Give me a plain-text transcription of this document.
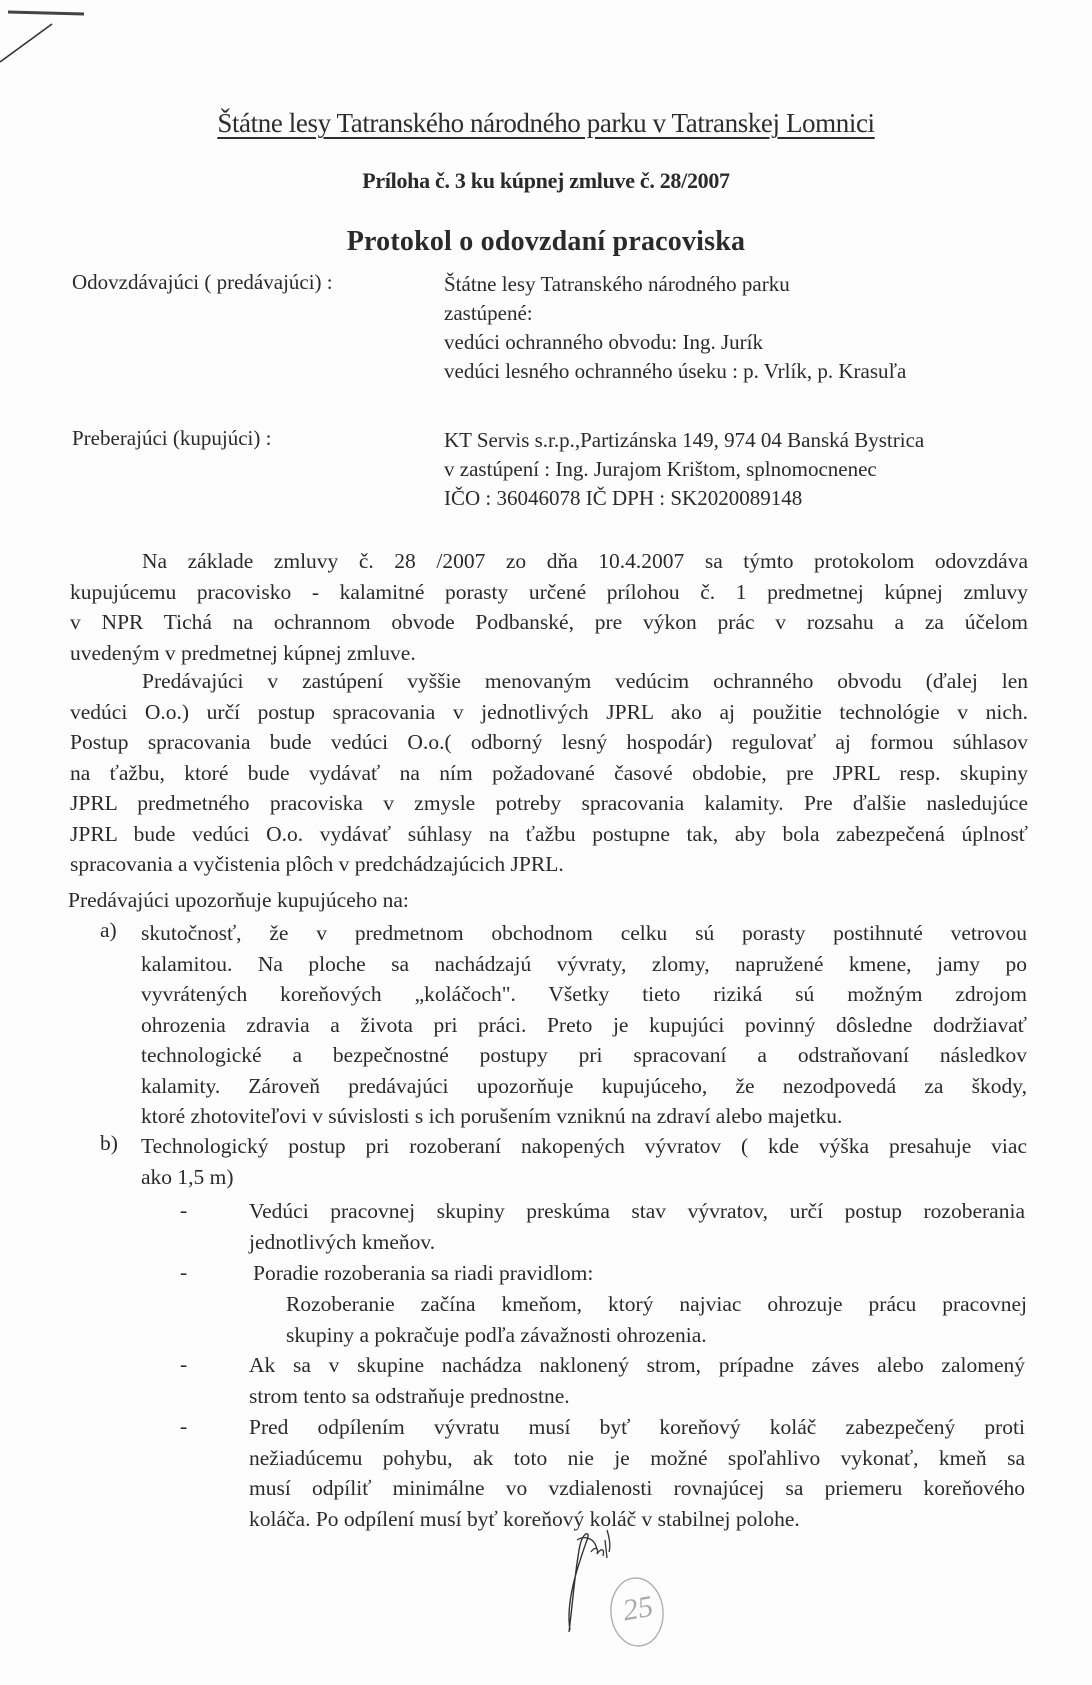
Štátne lesy Tatranského národného parku v Tatranskej Lomnici
Príloha č. 3 ku kúpnej zmluve č. 28/2007
Protokol o odovzdaní pracoviska
Odovzdávajúci ( predávajúci) :	Štátne lesy Tatranského národného parku
zastúpené:
vedúci ochranného obvodu: Ing. Jurík
vedúci lesného ochranného úseku : p. Vrlík, p. Krasuľa
Preberajúci (kupujúci) :	KT Servis s.r.p.,Partizánska 149, 974 04 Banská Bystrica
v zastúpení : Ing. Jurajom Krištom, splnomocnenec
IČO : 36046078 IČ DPH : SK2020089148
Na základe zmluvy č. 28 /2007 zo dňa 10.4.2007 sa týmto protokolom odovzdáva
kupujúcemu pracovisko - kalamitné porasty určené prílohou č. 1 predmetnej kúpnej zmluvy
v NPR Tichá na ochrannom obvode Podbanské, pre výkon prác v rozsahu a za účelom
uvedeným v predmetnej kúpnej zmluve.
Predávajúci v zastúpení vyššie menovaným vedúcim ochranného obvodu (ďalej len
vedúci O.o.) určí postup spracovania v jednotlivých JPRL ako aj použitie technológie v nich.
Postup spracovania bude vedúci O.o.( odborný lesný hospodár) regulovať aj formou súhlasov
na ťažbu, ktoré bude vydávať na ním požadované časové obdobie, pre JPRL resp. skupiny
JPRL predmetného pracoviska v zmysle potreby spracovania kalamity. Pre ďalšie nasledujúce
JPRL bude vedúci O.o. vydávať súhlasy na ťažbu postupne tak, aby bola zabezpečená úplnosť
spracovania a vyčistenia plôch v predchádzajúcich JPRL.
Predávajúci upozorňuje kupujúceho na:
a) skutočnosť, že v predmetnom obchodnom celku sú porasty postihnuté vetrovou
kalamitou. Na ploche sa nachádzajú vývraty, zlomy, napružené kmene, jamy po
vyvrátených koreňových „koláčoch". Všetky tieto riziká sú možným zdrojom
ohrozenia zdravia a života pri práci. Preto je kupujúci povinný dôsledne dodržiavať
technologické a bezpečnostné postupy pri spracovaní a odstraňovaní následkov
kalamity. Zároveň predávajúci upozorňuje kupujúceho, že nezodpovedá za škody,
ktoré zhotoviteľovi v súvislosti s ich porušením vzniknú na zdraví alebo majetku.
b) Technologický postup pri rozoberaní nakopených vývratov ( kde výška presahuje viac
ako 1,5 m)
-	Vedúci pracovnej skupiny preskúma stav vývratov, určí postup rozoberania
jednotlivých kmeňov.
-	Poradie rozoberania sa riadi pravidlom:
Rozoberanie začína kmeňom, ktorý najviac ohrozuje prácu pracovnej
skupiny a pokračuje podľa závažnosti ohrozenia.
-	Ak sa v skupine nachádza naklonený strom, prípadne záves alebo zalomený
strom tento sa odstraňuje prednostne.
-	Pred odpílením vývratu musí byť koreňový koláč zabezpečený proti
nežiadúcemu pohybu, ak toto nie je možné spoľahlivo vykonať, kmeň sa
musí odpíliť minimálne vo vzdialenosti rovnajúcej sa priemeru koreňového
koláča. Po odpílení musí byť koreňový koláč v stabilnej polohe.
25
